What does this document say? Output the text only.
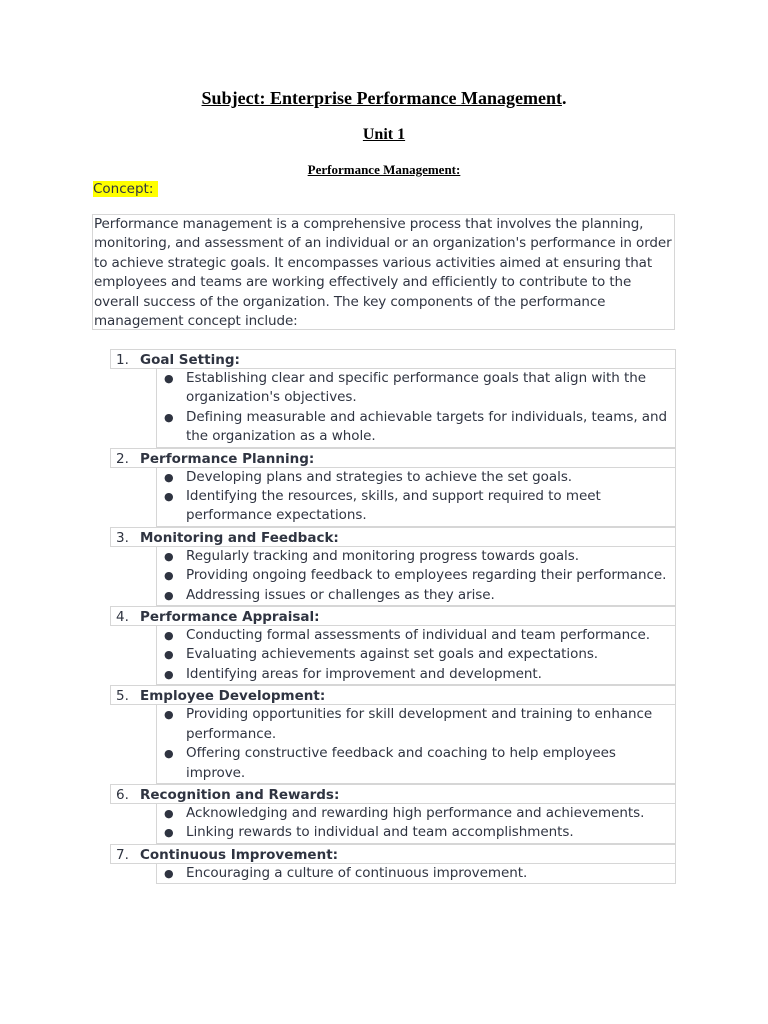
Subject: Enterprise Performance Management.
Unit 1
Performance Management:
Concept:

Performance management is a comprehensive process that involves the planning, monitoring, and assessment of an individual or an organization's performance in order to achieve strategic goals. It encompasses various activities aimed at ensuring that employees and teams are working effectively and efficiently to contribute to the overall success of the organization. The key components of the performance management concept include:

1. Goal Setting:
● Establishing clear and specific performance goals that align with the organization's objectives.
● Defining measurable and achievable targets for individuals, teams, and the organization as a whole.
2. Performance Planning:
● Developing plans and strategies to achieve the set goals.
● Identifying the resources, skills, and support required to meet performance expectations.
3. Monitoring and Feedback:
● Regularly tracking and monitoring progress towards goals.
● Providing ongoing feedback to employees regarding their performance.
● Addressing issues or challenges as they arise.
4. Performance Appraisal:
● Conducting formal assessments of individual and team performance.
● Evaluating achievements against set goals and expectations.
● Identifying areas for improvement and development.
5. Employee Development:
● Providing opportunities for skill development and training to enhance performance.
● Offering constructive feedback and coaching to help employees improve.
6. Recognition and Rewards:
● Acknowledging and rewarding high performance and achievements.
● Linking rewards to individual and team accomplishments.
7. Continuous Improvement:
● Encouraging a culture of continuous improvement.
